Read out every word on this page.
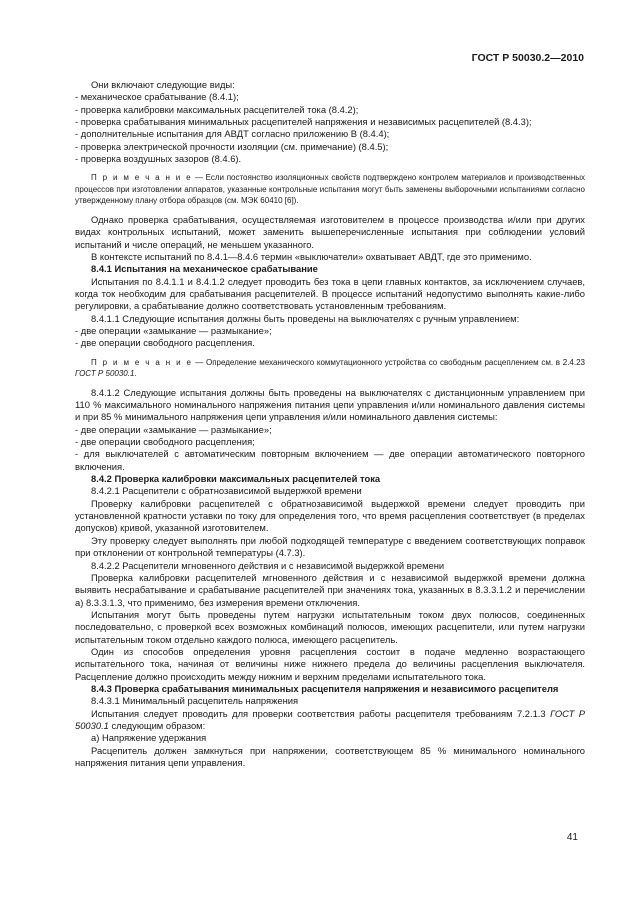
ГОСТ Р 50030.2—2010

Они включают следующие виды:

- механическое срабатывание (8.4.1);

- проверка калибровки максимальных расцепителей тока (8.4.2);

- проверка срабатывания минимальных расцепителей напряжения и независимых расцепителей (8.4.3);

- дополнительные испытания для АВДТ согласно приложению В (8.4.4);

- проверка электрической прочности изоляции (см. примечание) (8.4.5);

- проверка воздушных зазоров (8.4.6).

П р и м е ч а н и е — Если постоянство изоляционных свойств подтверждено контролем материалов и производственных процессов при изготовлении аппаратов, указанные контрольные испытания могут быть заменены выборочными испытаниями согласно утвержденному плану отбора образцов (см. МЭК 60410 [6]).

Однако проверка срабатывания, осуществляемая изготовителем в процессе производства и/или при других видах контрольных испытаний, может заменить вышеперечисленные испытания при соблюдении условий испытаний и числе операций, не меньшем указанного.

В контексте испытаний по 8.4.1—8.4.6 термин «выключатели» охватывает АВДТ, где это применимо.

8.4.1 Испытания на механическое срабатывание

Испытания по 8.4.1.1 и 8.4.1.2 следует проводить без тока в цепи главных контактов, за исключением случаев, когда ток необходим для срабатывания расцепителей. В процессе испытаний недопустимо выполнять какие-либо регулировки, а срабатывание должно соответствовать установленным требованиям.

8.4.1.1 Следующие испытания должны быть проведены на выключателях с ручным управлением:

- две операции «замыкание — размыкание»;

- две операции свободного расцепления.

П р и м е ч а н и е — Определение механического коммутационного устройства со свободным расцеплением см. в 2.4.23 ГОСТ Р 50030.1.

8.4.1.2 Следующие испытания должны быть проведены на выключателях с дистанционным управлением при 110 % максимального номинального напряжения питания цепи управления и/или номинального давления системы и при 85 % минимального напряжения цепи управления и/или номинального давления системы:

- две операции «замыкание — размыкание»;

- две операции свободного расцепления;

- для выключателей с автоматическим повторным включением — две операции автоматического повторного включения.

8.4.2 Проверка калибровки максимальных расцепителей тока

8.4.2.1 Расцепители с обратнозависимой выдержкой времени

Проверку калибровки расцепителей с обратнозависимой выдержкой времени следует проводить при установленной кратности уставки по току для определения того, что время расцепления соответствует (в пределах допусков) кривой, указанной изготовителем.

Эту проверку следует выполнять при любой подходящей температуре с введением соответствующих поправок при отклонении от контрольной температуры (4.7.3).

8.4.2.2 Расцепители мгновенного действия и с независимой выдержкой времени

Проверка калибровки расцепителей мгновенного действия и с независимой выдержкой времени должна выявить несрабатывание и срабатывание расцепителей при значениях тока, указанных в 8.3.3.1.2 и перечислении а) 8.3.3.1.3, что применимо, без измерения времени отключения.

Испытания могут быть проведены путем нагрузки испытательным током двух полюсов, соединенных последовательно, с проверкой всех возможных комбинаций полюсов, имеющих расцепители, или путем нагрузки испытательным током отдельно каждого полюса, имеющего расцепитель.

Один из способов определения уровня расцепления состоит в подаче медленно возрастающего испытательного тока, начиная от величины ниже нижнего предела до величины расцепления выключателя. Расцепление должно происходить между нижним и верхним пределами испытательного тока.

8.4.3 Проверка срабатывания минимальных расцепителя напряжения и независимого расцепителя

8.4.3.1 Минимальный расцепитель напряжения

Испытания следует проводить для проверки соответствия работы расцепителя требованиям 7.2.1.3 ГОСТ Р 50030.1 следующим образом:

а) Напряжение удержания

Расцепитель должен замкнуться при напряжении, соответствующем 85 % минимального номинального напряжения питания цепи управления.

41
